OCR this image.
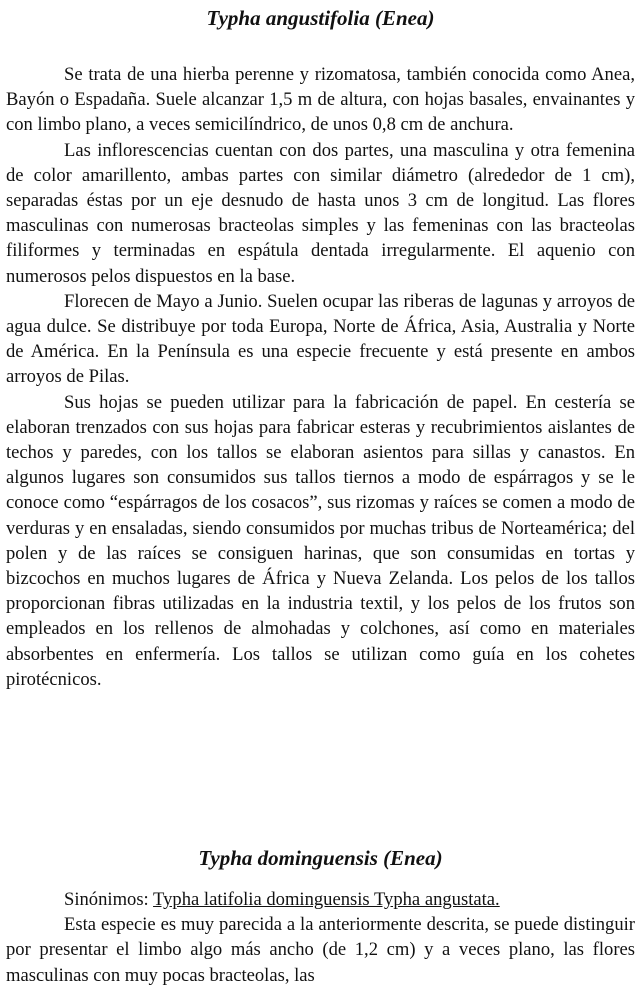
Typha angustifolia (Enea)

Se trata de una hierba perenne y rizomatosa, también conocida como Anea, Bayón o Espadaña. Suele alcanzar 1,5 m de altura, con hojas basales, envainantes y con limbo plano, a veces semicilíndrico, de unos 0,8 cm de anchura.

Las inflorescencias cuentan con dos partes, una masculina y otra femenina de color amarillento, ambas partes con similar diámetro (alrededor de 1 cm), separadas éstas por un eje desnudo de hasta unos 3 cm de longitud. Las flores masculinas con numerosas bracteolas simples y las femeninas con las bracteolas filiformes y terminadas en espátula dentada irregularmente. El aquenio con numerosos pelos dispuestos en la base.

Florecen de Mayo a Junio. Suelen ocupar las riberas de lagunas y arroyos de agua dulce. Se distribuye por toda Europa, Norte de África, Asia, Australia y Norte de América. En la Península es una especie frecuente y está presente en ambos arroyos de Pilas.

Sus hojas se pueden utilizar para la fabricación de papel. En cestería se elaboran trenzados con sus hojas para fabricar esteras y recubrimientos aislantes de techos y paredes, con los tallos se elaboran asientos para sillas y canastos. En algunos lugares son consumidos sus tallos tiernos a modo de espárragos y se le conoce como “espárragos de los cosacos”, sus rizomas y raíces se comen a modo de verduras y en ensaladas, siendo consumidos por muchas tribus de Norteamérica; del polen y de las raíces se consiguen harinas, que son consumidas en tortas y bizcochos en muchos lugares de África y Nueva Zelanda. Los pelos de los tallos proporcionan fibras utilizadas en la industria textil, y los pelos de los frutos son empleados en los rellenos de almohadas y colchones, así como en materiales absorbentes en enfermería. Los tallos se utilizan como guía en los cohetes pirotécnicos.

Typha dominguensis (Enea)

Sinónimos: Typha latifolia dominguensis Typha angustata.

Esta especie es muy parecida a la anteriormente descrita, se puede distinguir por presentar el limbo algo más ancho (de 1,2 cm) y a veces plano, las flores masculinas con muy pocas bracteolas, las
